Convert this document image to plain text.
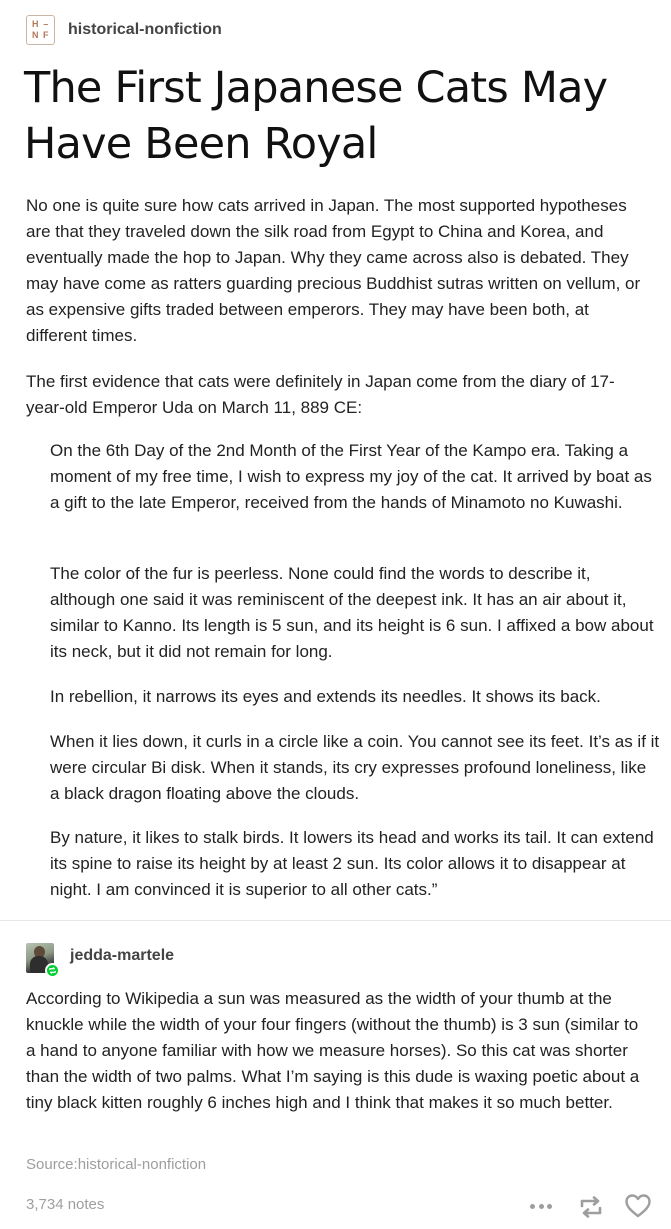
H –
N F historical-nonfiction
The First Japanese Cats May Have Been Royal

No one is quite sure how cats arrived in Japan. The most supported hypotheses are that they traveled down the silk road from Egypt to China and Korea, and eventually made the hop to Japan. Why they came across also is debated. They may have come as ratters guarding precious Buddhist sutras written on vellum, or as expensive gifts traded between emperors. They may have been both, at different times.

The first evidence that cats were definitely in Japan come from the diary of 17-year-old Emperor Uda on March 11, 889 CE:

On the 6th Day of the 2nd Month of the First Year of the Kampo era. Taking a moment of my free time, I wish to express my joy of the cat. It arrived by boat as a gift to the late Emperor, received from the hands of Minamoto no Kuwashi.

The color of the fur is peerless. None could find the words to describe it, although one said it was reminiscent of the deepest ink. It has an air about it, similar to Kanno. Its length is 5 sun, and its height is 6 sun. I affixed a bow about its neck, but it did not remain for long.

In rebellion, it narrows its eyes and extends its needles. It shows its back.

When it lies down, it curls in a circle like a coin. You cannot see its feet. It’s as if it were circular Bi disk. When it stands, its cry expresses profound loneliness, like a black dragon floating above the clouds.

By nature, it likes to stalk birds. It lowers its head and works its tail. It can extend its spine to raise its height by at least 2 sun. Its color allows it to disappear at night. I am convinced it is superior to all other cats.”

jedda-martele

According to Wikipedia a sun was measured as the width of your thumb at the knuckle while the width of your four fingers (without the thumb) is 3 sun (similar to a hand to anyone familiar with how we measure horses). So this cat was shorter than the width of two palms. What I’m saying is this dude is waxing poetic about a tiny black kitten roughly 6 inches high and I think that makes it so much better.

Source: historical-nonfiction
3,734 notes
